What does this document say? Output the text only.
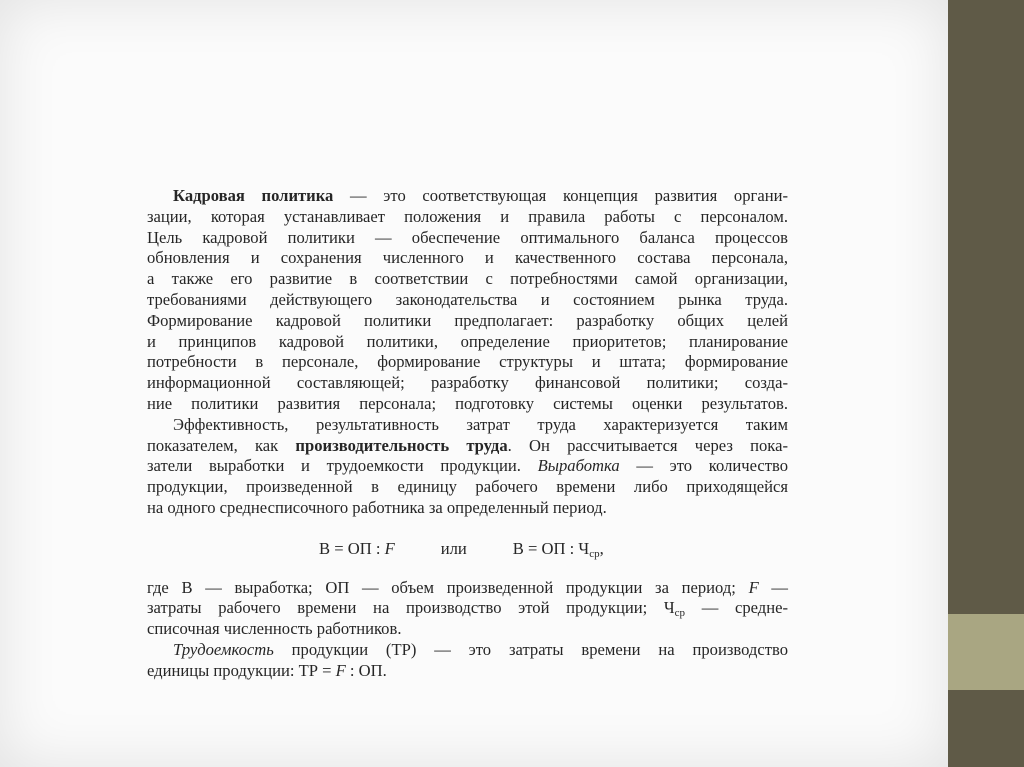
Кадровая политика — это соответствующая концепция развития органи-
зации, которая устанавливает положения и правила работы с персоналом.
Цель кадровой политики — обеспечение оптимального баланса процессов
обновления и сохранения численного и качественного состава персонала,
а также его развитие в соответствии с потребностями самой организации,
требованиями действующего законодательства и состоянием рынка труда.
Формирование кадровой политики предполагает: разработку общих целей
и принципов кадровой политики, определение приоритетов; планирование
потребности в персонале, формирование структуры и штата; формирование
информационной составляющей; разработку финансовой политики; созда-
ние политики развития персонала; подготовку системы оценки результатов.
Эффективность, результативность затрат труда характеризуется таким
показателем, как производительность труда. Он рассчитывается через пока-
затели выработки и трудоемкости продукции. Выработка — это количество
продукции, произведенной в единицу рабочего времени либо приходящейся
на одного среднесписочного работника за определенный период.
В = ОП : F	или	В = ОП : $Ч_{ср}$,
где В — выработка; ОП — объем произведенной продукции за период; F —
затраты рабочего времени на производство этой продукции; $Ч_{ср}$ — средне-
списочная численность работников.
Трудоемкость продукции (ТР) — это затраты времени на производство
единицы продукции: ТР = F : ОП.
